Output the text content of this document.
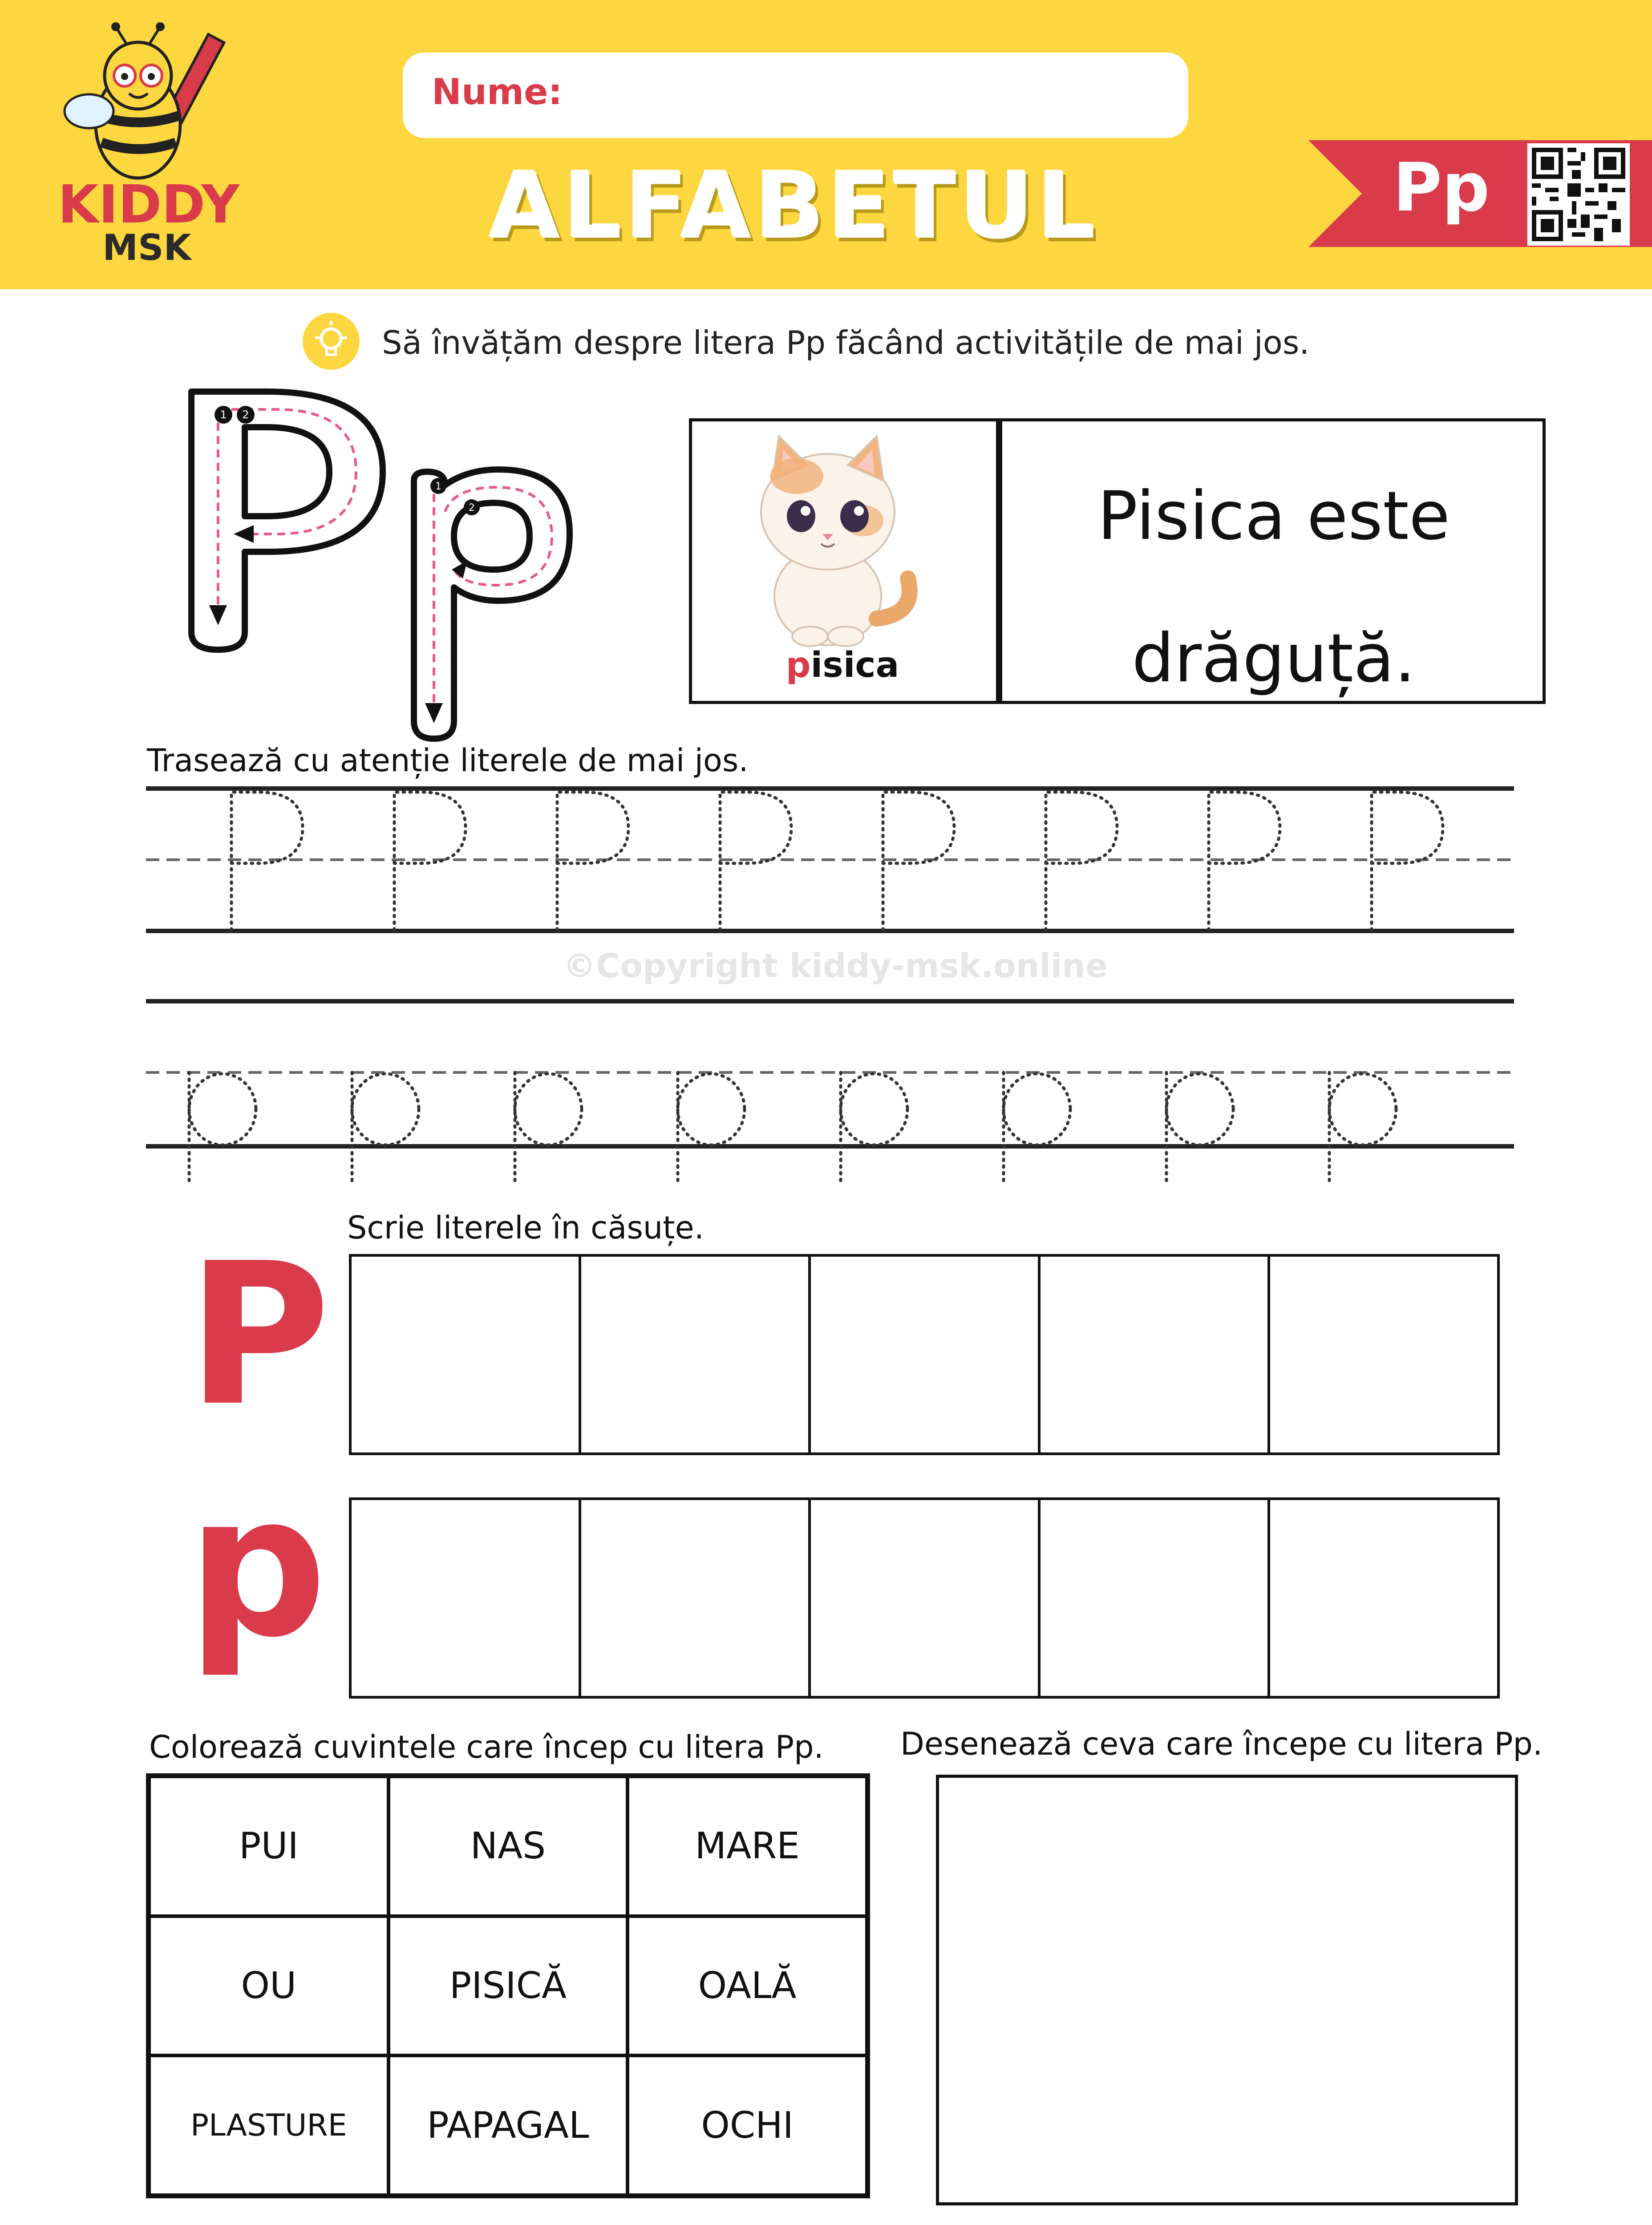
KIDDY
MSK
Nume:
ALFABETUL	Pp
Să învățăm despre litera Pp făcând activitățile de mai jos.
1 2
1
2
pisica
Pisica este
drăguță.
Trasează cu atenție literele de mai jos.
©Copyright kiddy-msk.online
Scrie literele în căsuțe.
P
p
Colorează cuvintele care încep cu litera Pp.
PUI	NAS	MARE
OU	PISICĂ	OALĂ
PLASTURE	PAPAGAL	OCHI
Desenează ceva care începe cu litera Pp.
